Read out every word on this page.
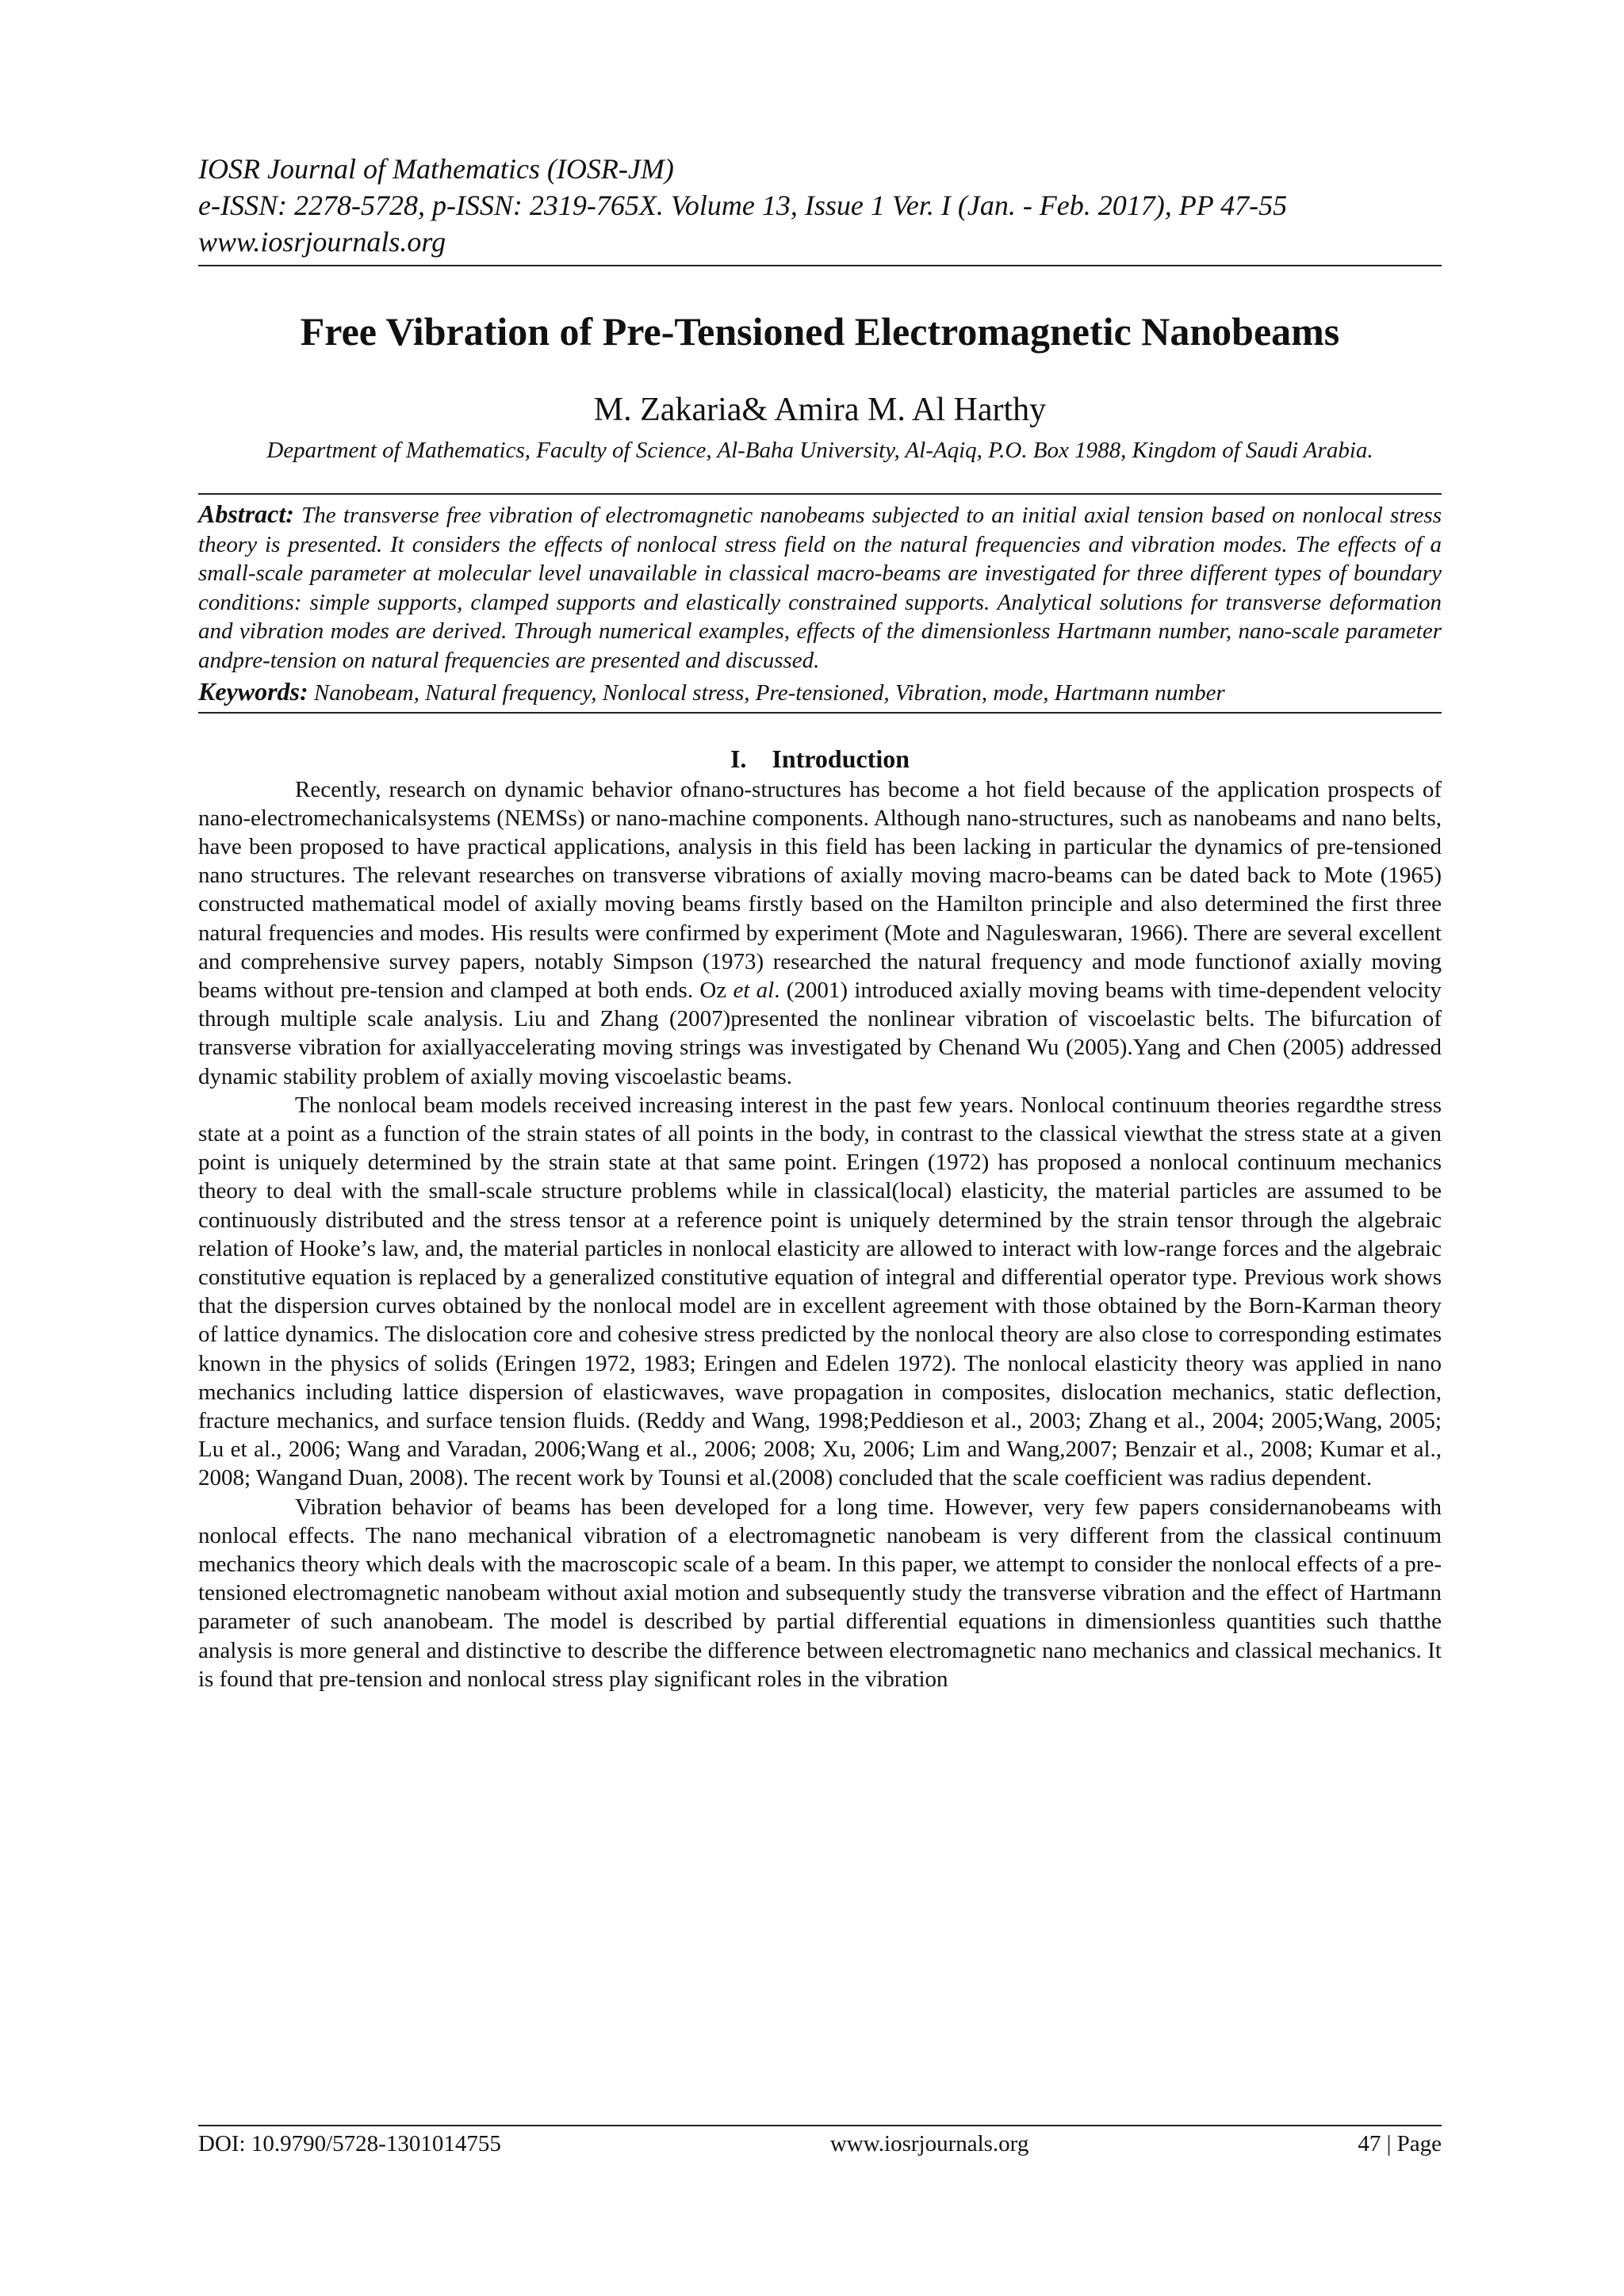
IOSR Journal of Mathematics (IOSR-JM)
e-ISSN: 2278-5728, p-ISSN: 2319-765X. Volume 13, Issue 1 Ver. I (Jan. - Feb. 2017), PP 47-55
www.iosrjournals.org
Free Vibration of Pre-Tensioned Electromagnetic Nanobeams
M. Zakaria& Amira M. Al Harthy
Department of Mathematics, Faculty of Science, Al-Baha University, Al-Aqiq, P.O. Box 1988, Kingdom of Saudi Arabia.
Abstract: The transverse free vibration of electromagnetic nanobeams subjected to an initial axial tension based on nonlocal stress theory is presented. It considers the effects of nonlocal stress field on the natural frequencies and vibration modes. The effects of a small-scale parameter at molecular level unavailable in classical macro-beams are investigated for three different types of boundary conditions: simple supports, clamped supports and elastically constrained supports. Analytical solutions for transverse deformation and vibration modes are derived. Through numerical examples, effects of the dimensionless Hartmann number, nano-scale parameter andpre-tension on natural frequencies are presented and discussed.
Keywords: Nanobeam, Natural frequency, Nonlocal stress, Pre-tensioned, Vibration, mode, Hartmann number
I. Introduction

Recently, research on dynamic behavior ofnano-structures has become a hot field because of the application prospects of nano-electromechanicalsystems (NEMSs) or nano-machine components. Although nano-structures, such as nanobeams and nano belts, have been proposed to have practical applications, analysis in this field has been lacking in particular the dynamics of pre-tensioned nano structures. The relevant researches on transverse vibrations of axially moving macro-beams can be dated back to Mote (1965) constructed mathematical model of axially moving beams firstly based on the Hamilton principle and also determined the first three natural frequencies and modes. His results were confirmed by experiment (Mote and Naguleswaran, 1966). There are several excellent and comprehensive survey papers, notably Simpson (1973) researched the natural frequency and mode functionof axially moving beams without pre-tension and clamped at both ends. Oz et al. (2001) introduced axially moving beams with time-dependent velocity through multiple scale analysis. Liu and Zhang (2007)presented the nonlinear vibration of viscoelastic belts. The bifurcation of transverse vibration for axiallyaccelerating moving strings was investigated by Chenand Wu (2005).Yang and Chen (2005) addressed dynamic stability problem of axially moving viscoelastic beams.

The nonlocal beam models received increasing interest in the past few years. Nonlocal continuum theories regardthe stress state at a point as a function of the strain states of all points in the body, in contrast to the classical viewthat the stress state at a given point is uniquely determined by the strain state at that same point. Eringen (1972) has proposed a nonlocal continuum mechanics theory to deal with the small-scale structure problems while in classical(local) elasticity, the material particles are assumed to be continuously distributed and the stress tensor at a reference point is uniquely determined by the strain tensor through the algebraic relation of Hooke’s law, and, the material particles in nonlocal elasticity are allowed to interact with low-range forces and the algebraic constitutive equation is replaced by a generalized constitutive equation of integral and differential operator type. Previous work shows that the dispersion curves obtained by the nonlocal model are in excellent agreement with those obtained by the Born-Karman theory of lattice dynamics. The dislocation core and cohesive stress predicted by the nonlocal theory are also close to corresponding estimates known in the physics of solids (Eringen 1972, 1983; Eringen and Edelen 1972). The nonlocal elasticity theory was applied in nano mechanics including lattice dispersion of elasticwaves, wave propagation in composites, dislocation mechanics, static deflection, fracture mechanics, and surface tension fluids. (Reddy and Wang, 1998;Peddieson et al., 2003; Zhang et al., 2004; 2005;Wang, 2005; Lu et al., 2006; Wang and Varadan, 2006;Wang et al., 2006; 2008; Xu, 2006; Lim and Wang,2007; Benzair et al., 2008; Kumar et al., 2008; Wangand Duan, 2008). The recent work by Tounsi et al.(2008) concluded that the scale coefficient was radius dependent.

Vibration behavior of beams has been developed for a long time. However, very few papers considernanobeams with nonlocal effects. The nano mechanical vibration of a electromagnetic nanobeam is very different from the classical continuum mechanics theory which deals with the macroscopic scale of a beam. In this paper, we attempt to consider the nonlocal effects of a pre-tensioned electromagnetic nanobeam without axial motion and subsequently study the transverse vibration and the effect of Hartmann parameter of such ananobeam. The model is described by partial differential equations in dimensionless quantities such thatthe analysis is more general and distinctive to describe the difference between electromagnetic nano mechanics and classical mechanics. It is found that pre-tension and nonlocal stress play significant roles in the vibration

DOI: 10.9790/5728-1301014755	www.iosrjournals.org	47 | Page
